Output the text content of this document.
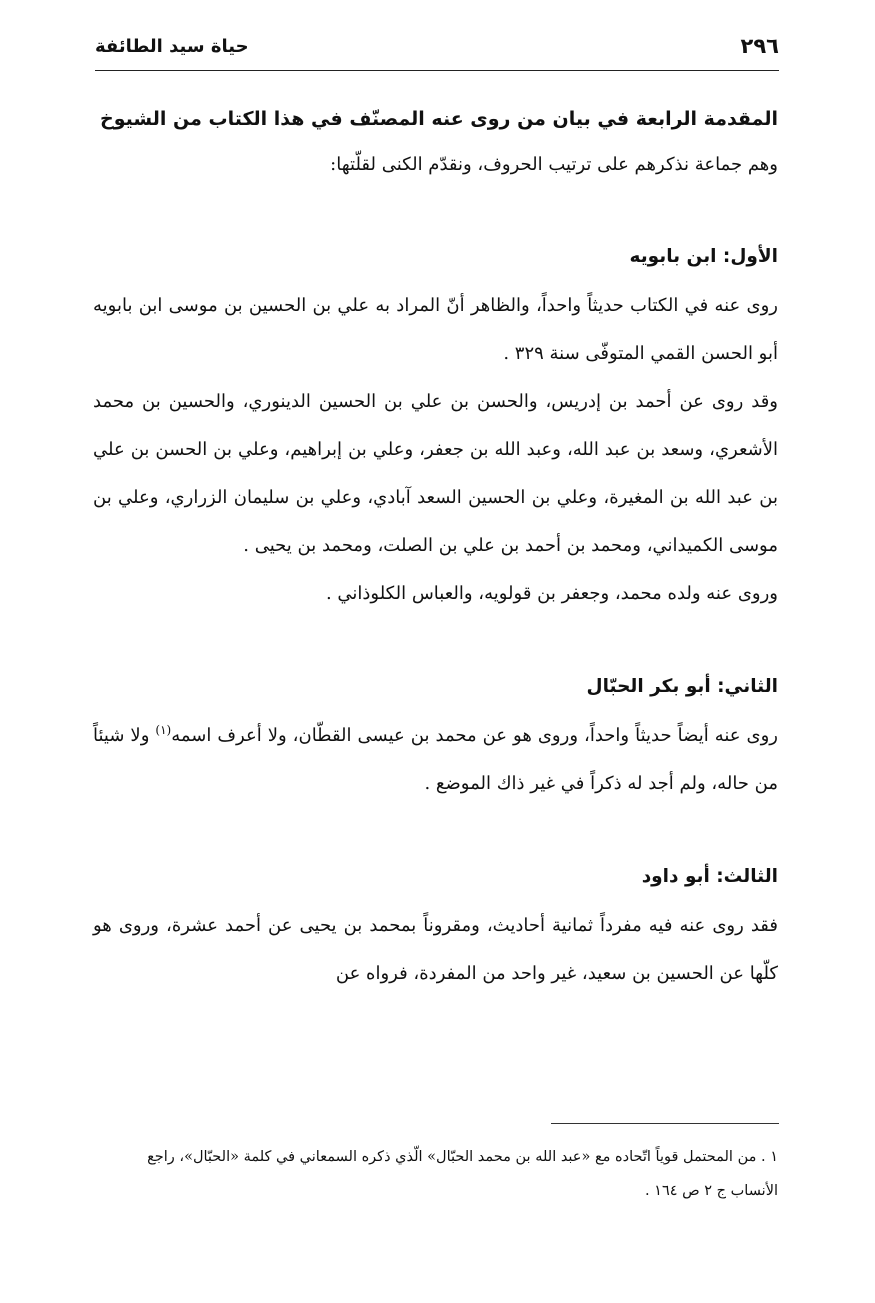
٢٩٦
حياة سيد الطائفة

المقدمة الرابعة في بيان من روى عنه المصنّف في هذا الكتاب من الشيوخ

وهم جماعة نذكرهم على ترتيب الحروف، ونقدّم الكنى لقلّتها:

الأول: ابن بابويه

روى عنه في الكتاب حديثاً واحداً، والظاهر أنّ المراد به علي بن الحسين بن موسى ابن بابويه أبو الحسن القمي المتوفّى سنة ٣٢٩ .

وقد روى عن أحمد بن إدريس، والحسن بن علي بن الحسين الدينوري، والحسين بن محمد الأشعري، وسعد بن عبد الله، وعبد الله بن جعفر، وعلي بن إبراهيم، وعلي بن الحسن بن علي بن عبد الله بن المغيرة، وعلي بن الحسين السعد آبادي، وعلي بن سليمان الزراري، وعلي بن موسى الكميداني، ومحمد بن أحمد بن علي بن الصلت، ومحمد بن يحيى .

وروى عنه ولده محمد، وجعفر بن قولويه، والعباس الكلوذاني .

الثاني: أبو بكر الحبّال

روى عنه أيضاً حديثاً واحداً، وروى هو عن محمد بن عيسى القطّان، ولا أعرف اسمه$^{(١)}$ ولا شيئاً من حاله، ولم أجد له ذكراً في غير ذاك الموضع .

الثالث: أبو داود

فقد روى عنه فيه مفرداً ثمانية أحاديث، ومقروناً بمحمد بن يحيى عن أحمد عشرة، وروى هو كلّها عن الحسين بن سعيد، غير واحد من المفردة، فرواه عن

١ . من المحتمل قوياً اتّحاده مع «عبد الله بن محمد الحبّال» الّذي ذكره السمعاني في كلمة «الحبّال»، راجع
الأنساب ج ٢ ص ١٦٤ .
